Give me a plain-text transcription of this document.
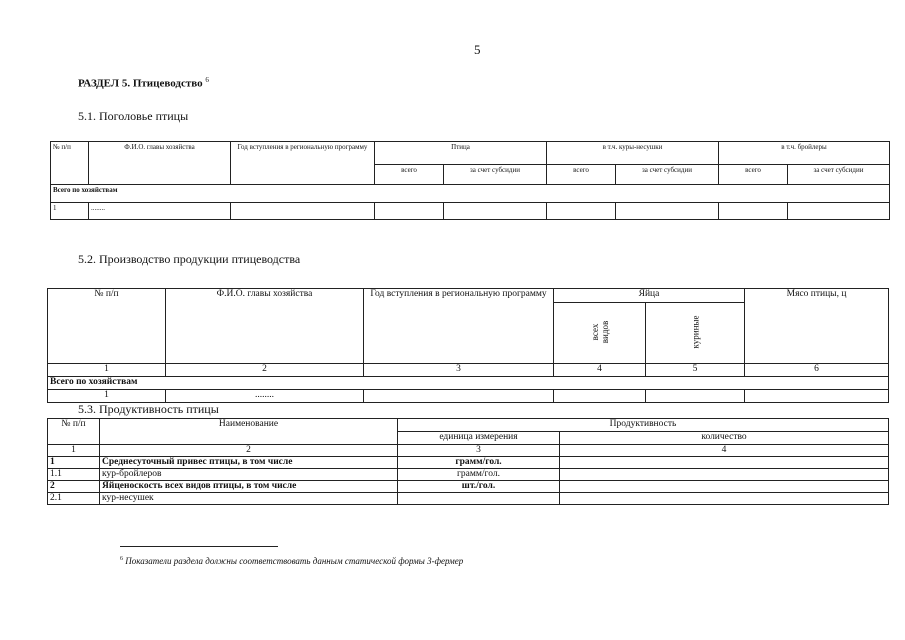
5
РАЗДЕЛ 5. Птицеводство $^6$
5.1. Поголовье птицы
№ п/п	Ф.И.О. главы хозяйства	Год вступления в региональную программу	Птица		в т.ч. куры-несушки		в т.ч. бройлеры	
			всего	за счет субсидии	всего	за счет субсидии	всего	за счет субсидии
Всего по хозяйствам								
1	........							
5.2. Производство продукции птицеводства
№ п/п	Ф.И.О. главы хозяйства	Год вступления в региональную программу	Яйца		Мясо птицы, ц
			всех видов	куриные	
1	2	3	4	5	6
Всего по хозяйствам					
1	........				
5.3. Продуктивность птицы
№ п/п	Наименование	Продуктивность	
		единица измерения	количество
1	2	3	4
1	Среднесуточный привес птицы, в том числе	грамм/гол.	
1.1	кур-бройлеров	грамм/гол.	
2	Яйценоскость всех видов птицы, в том числе	шт./гол.	
2.1	кур-несушек		
$^6$ Показатели раздела должны соответствовать данным статической формы 3-фермер
